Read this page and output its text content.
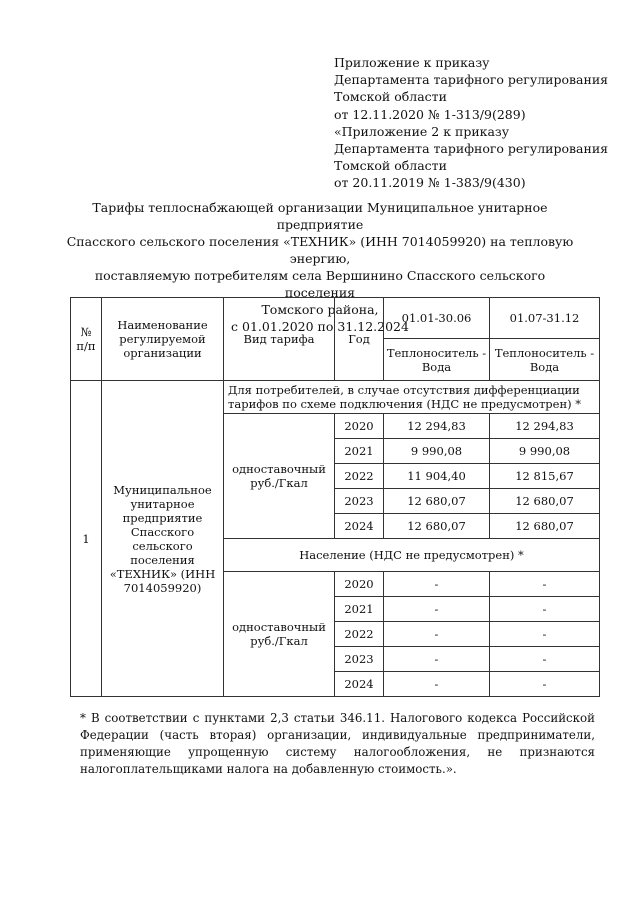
Приложение к приказу
Департамента тарифного регулирования
Томской области
от 12.11.2020 № 1-313/9(289)
«Приложение 2 к приказу
Департамента тарифного регулирования
Томской области
от 20.11.2019 № 1-383/9(430)
Тарифы теплоснабжающей организации Муниципальное унитарное предприятие
Спасского сельского поселения «ТЕХНИК» (ИНН 7014059920) на тепловую энергию,
поставляемую потребителям села Вершинино Спасского сельского поселения
Томского района,
с 01.01.2020 по 31.12.2024
№ п/п	Наименование регулируемой организации	Вид тарифа	Год	01.01-30.06	01.07-31.12
				Теплоноситель - Вода	Теплоноситель - Вода
1	Муниципальное унитарное предприятие Спасского сельского поселения «ТЕХНИК» (ИНН 7014059920)	Для потребителей, в случае отсутствия дифференциации тарифов по схеме подключения (НДС не предусмотрен) *			
		одноставочный руб./Гкал	2020	12 294,83	12 294,83
			2021	9 990,08	9 990,08
			2022	11 904,40	12 815,67
			2023	12 680,07	12 680,07
			2024	12 680,07	12 680,07
		Население (НДС не предусмотрен) *			
		одноставочный руб./Гкал	2020	-	-
			2021	-	-
			2022	-	-
			2023	-	-
			2024	-	-
* В соответствии с пунктами 2,3 статьи 346.11. Налогового кодекса Российской Федерации (часть вторая) организации, индивидуальные предприниматели, применяющие упрощенную систему налогообложения, не признаются налогоплательщиками налога на добавленную стоимость.».
